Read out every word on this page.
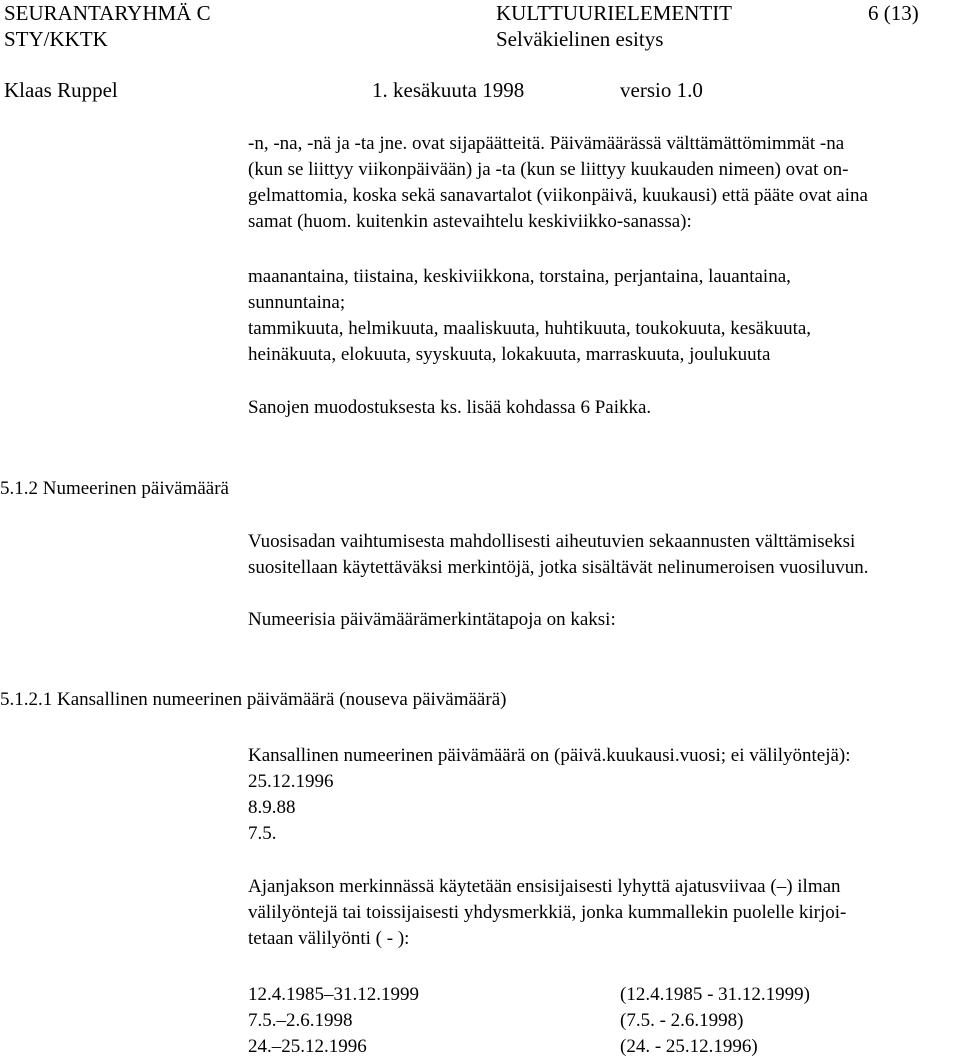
SEURANTARYHMÄ C
STY/KKTK
Klaas Ruppel
KULTTUURIELEMENTIT
Selväkielinen esitys
1. kesäkuuta 1998	versio 1.0
6 (13)
-n, -na, -nä ja -ta jne. ovat sijapäätteitä. Päivämäärässä välttämättömimmät -na
(kun se liittyy viikonpäivään) ja -ta (kun se liittyy kuukauden nimeen) ovat on-
gelmattomia, koska sekä sanavartalot (viikonpäivä, kuukausi) että pääte ovat aina
samat (huom. kuitenkin astevaihtelu keskiviikko-sanassa):
maanantaina, tiistaina, keskiviikkona, torstaina, perjantaina, lauantaina,
sunnuntaina;
tammikuuta, helmikuuta, maaliskuuta, huhtikuuta, toukokuuta, kesäkuuta,
heinäkuuta, elokuuta, syyskuuta, lokakuuta, marraskuuta, joulukuuta
Sanojen muodostuksesta ks. lisää kohdassa 6 Paikka.
5.1.2 Numeerinen päivämäärä
Vuosisadan vaihtumisesta mahdollisesti aiheutuvien sekaannusten välttämiseksi
suositellaan käytettäväksi merkintöjä, jotka sisältävät nelinumeroisen vuosiluvun.
Numeerisia päivämäärämerkintätapoja on kaksi:
5.1.2.1 Kansallinen numeerinen päivämäärä (nouseva päivämäärä)
Kansallinen numeerinen päivämäärä on (päivä.kuukausi.vuosi; ei välilyöntejä):
25.12.1996
8.9.88
7.5.
Ajanjakson merkinnässä käytetään ensisijaisesti lyhyttä ajatusviivaa (–) ilman
välilyöntejä tai toissijaisesti yhdysmerkkiä, jonka kummallekin puolelle kirjoi-
tetaan välilyönti ( - ):
12.4.1985–31.12.1999	(12.4.1985 - 31.12.1999)
7.5.–2.6.1998	(7.5. - 2.6.1998)
24.–25.12.1996	(24. - 25.12.1996)
